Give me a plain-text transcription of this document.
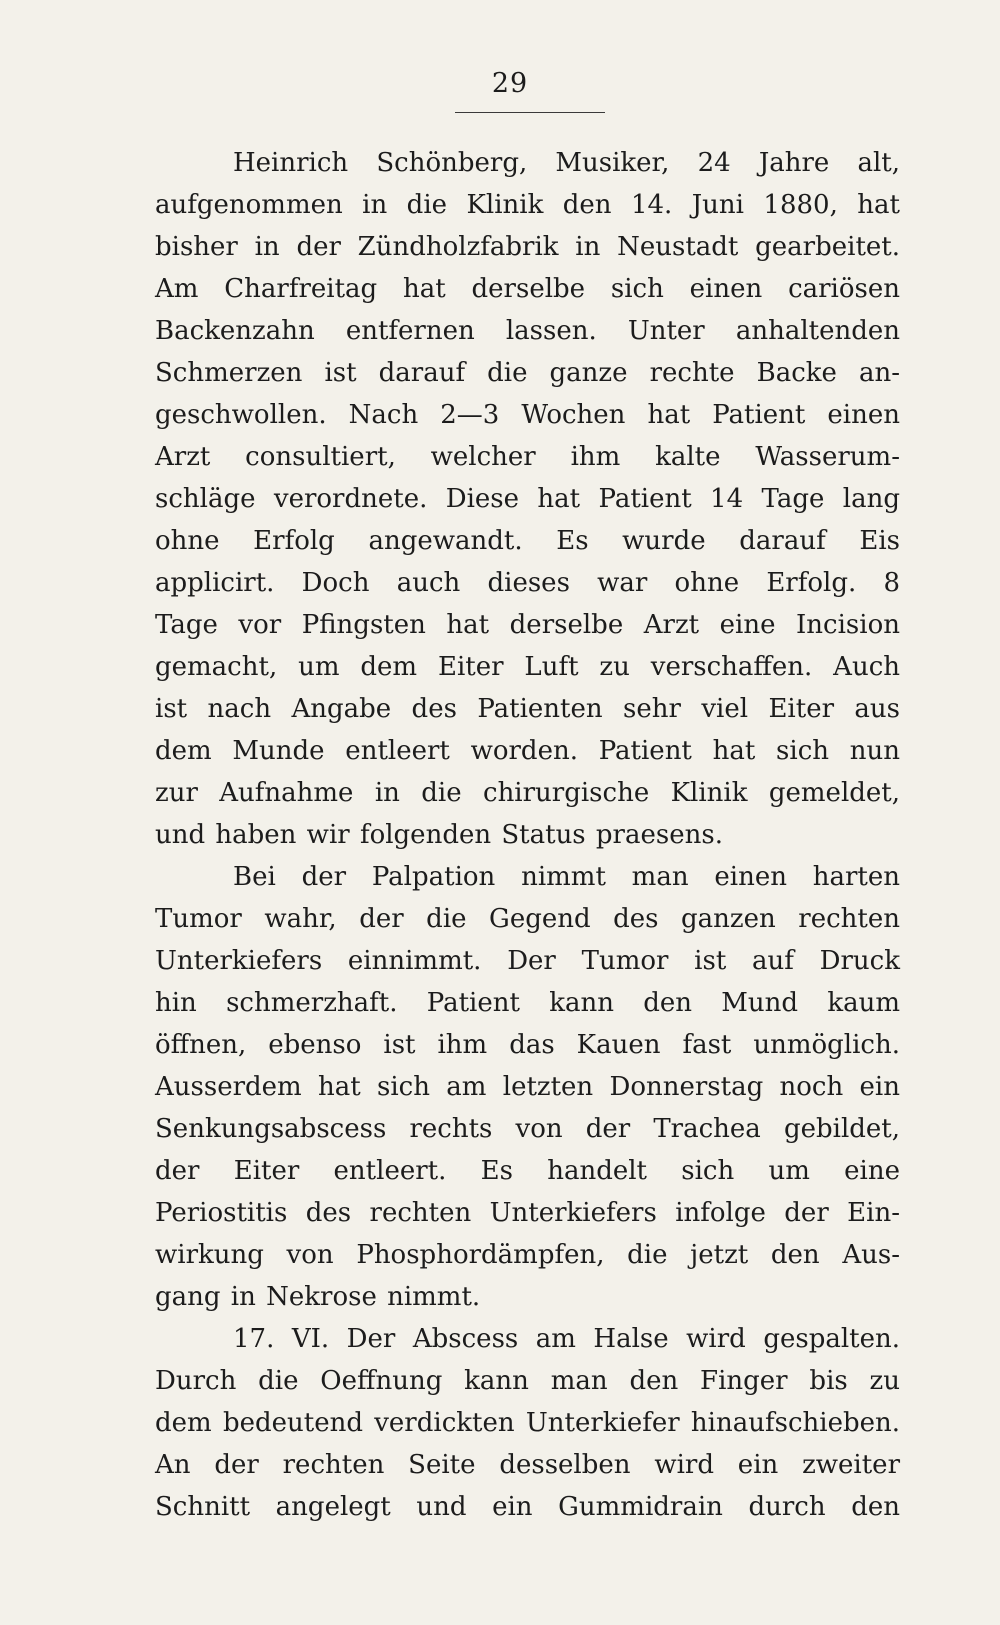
29
Heinrich Schönberg, Musiker, 24 Jahre alt,
aufgenommen in die Klinik den 14. Juni 1880, hat
bisher in der Zündholzfabrik in Neustadt gearbeitet.
Am Charfreitag hat derselbe sich einen cariösen
Backenzahn entfernen lassen. Unter anhaltenden
Schmerzen ist darauf die ganze rechte Backe an-
geschwollen. Nach 2—3 Wochen hat Patient einen
Arzt consultiert, welcher ihm kalte Wasserum-
schläge verordnete. Diese hat Patient 14 Tage lang
ohne Erfolg angewandt. Es wurde darauf Eis
applicirt. Doch auch dieses war ohne Erfolg. 8
Tage vor Pfingsten hat derselbe Arzt eine Incision
gemacht, um dem Eiter Luft zu verschaffen. Auch
ist nach Angabe des Patienten sehr viel Eiter aus
dem Munde entleert worden. Patient hat sich nun
zur Aufnahme in die chirurgische Klinik gemeldet,
und haben wir folgenden Status praesens.
Bei der Palpation nimmt man einen harten
Tumor wahr, der die Gegend des ganzen rechten
Unterkiefers einnimmt. Der Tumor ist auf Druck
hin schmerzhaft. Patient kann den Mund kaum
öffnen, ebenso ist ihm das Kauen fast unmöglich.
Ausserdem hat sich am letzten Donnerstag noch ein
Senkungsabscess rechts von der Trachea gebildet,
der Eiter entleert. Es handelt sich um eine
Periostitis des rechten Unterkiefers infolge der Ein-
wirkung von Phosphordämpfen, die jetzt den Aus-
gang in Nekrose nimmt.
17. VI. Der Abscess am Halse wird gespalten.
Durch die Oeffnung kann man den Finger bis zu
dem bedeutend verdickten Unterkiefer hinaufschieben.
An der rechten Seite desselben wird ein zweiter
Schnitt angelegt und ein Gummidrain durch den
